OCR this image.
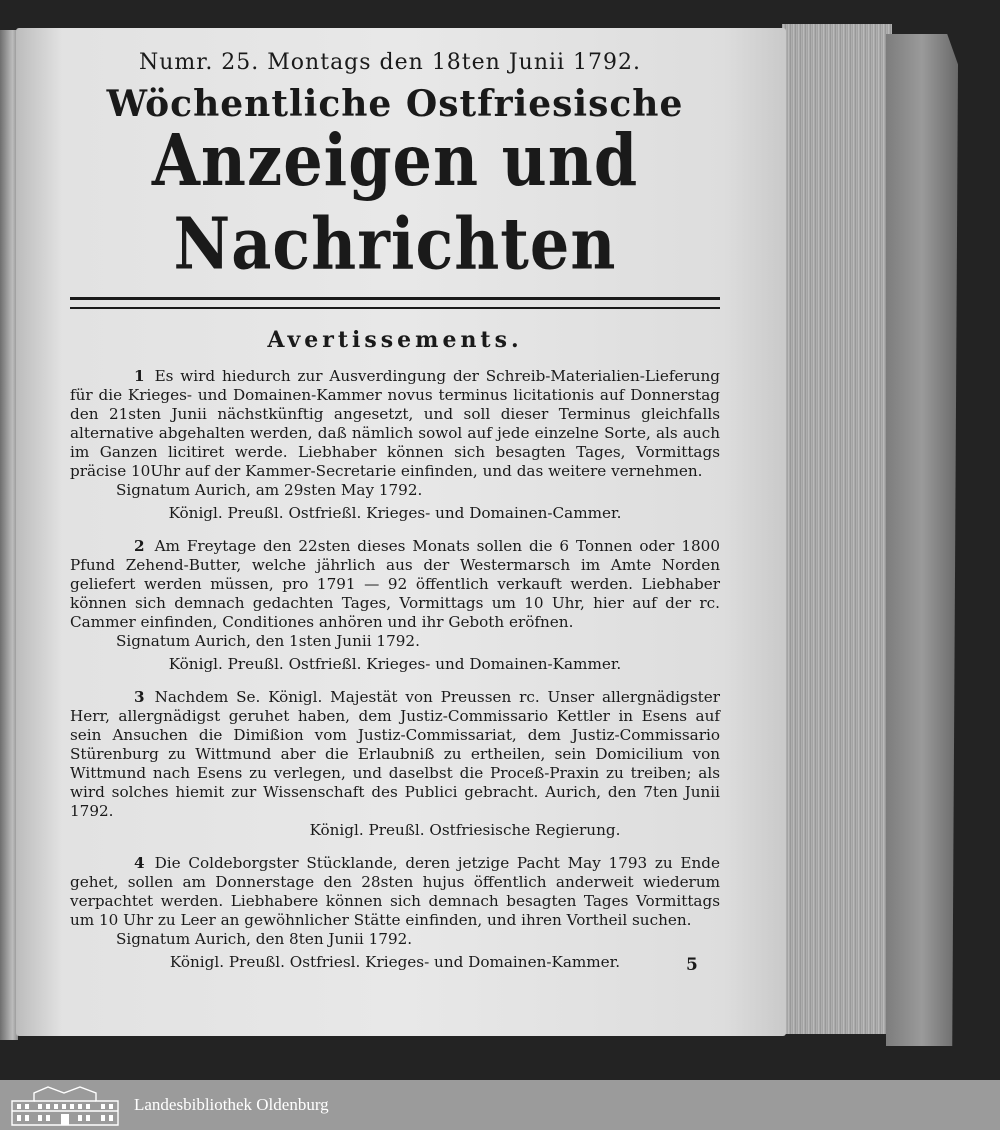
Numr. 25. Montags den 18ten Junii 1792.
Wöchentliche Ostfriesische
Anzeigen und Nachrichten
Avertissements.
1 Es wird hiedurch zur Ausverdingung der Schreib-Materialien-Lieferung für die Krieges- und Domainen-Kammer novus terminus licitationis auf Donnerstag den 21sten Junii nächstkünftig angesetzt, und soll dieser Terminus gleichfalls alternative abgehalten werden, daß nämlich sowol auf jede einzelne Sorte, als auch im Ganzen licitiret werde. Liebhaber können sich besagten Tages, Vormittags präcise 10Uhr auf der Kammer-Secretarie einfinden, und das weitere vernehmen.
Signatum Aurich, am 29sten May 1792.
Königl. Preußl. Ostfrießl. Krieges- und Domainen-Cammer.
2 Am Freytage den 22sten dieses Monats sollen die 6 Tonnen oder 1800 Pfund Zehend-Butter, welche jährlich aus der Westermarsch im Amte Norden geliefert werden müssen, pro 1791 — 92 öffentlich verkauft werden. Liebhaber können sich demnach gedachten Tages, Vormittags um 10 Uhr, hier auf der rc. Cammer einfinden, Conditiones anhören und ihr Geboth eröfnen.
Signatum Aurich, den 1sten Junii 1792.
Königl. Preußl. Ostfrießl. Krieges- und Domainen-Kammer.
3 Nachdem Se. Königl. Majestät von Preussen rc. Unser allergnädigster Herr, allergnädigst geruhet haben, dem Justiz-Commissario Kettler in Esens auf sein Ansuchen die Dimißion vom Justiz-Commissariat, dem Justiz-Commissario Stürenburg zu Wittmund aber die Erlaubniß zu ertheilen, sein Domicilium von Wittmund nach Esens zu verlegen, und daselbst die Proceß-Praxin zu treiben; als wird solches hiemit zur Wissenschaft des Publici gebracht. Aurich, den 7ten Junii 1792.
Königl. Preußl. Ostfriesische Regierung.
4 Die Coldeborgster Stücklande, deren jetzige Pacht May 1793 zu Ende gehet, sollen am Donnerstage den 28sten hujus öffentlich anderweit wiederum verpachtet werden. Liebhabere können sich demnach besagten Tages Vormittags um 10 Uhr zu Leer an gewöhnlicher Stätte einfinden, und ihren Vortheil suchen.
Signatum Aurich, den 8ten Junii 1792.
Königl. Preußl. Ostfriesl. Krieges- und Domainen-Kammer.	5
Landesbibliothek Oldenburg
